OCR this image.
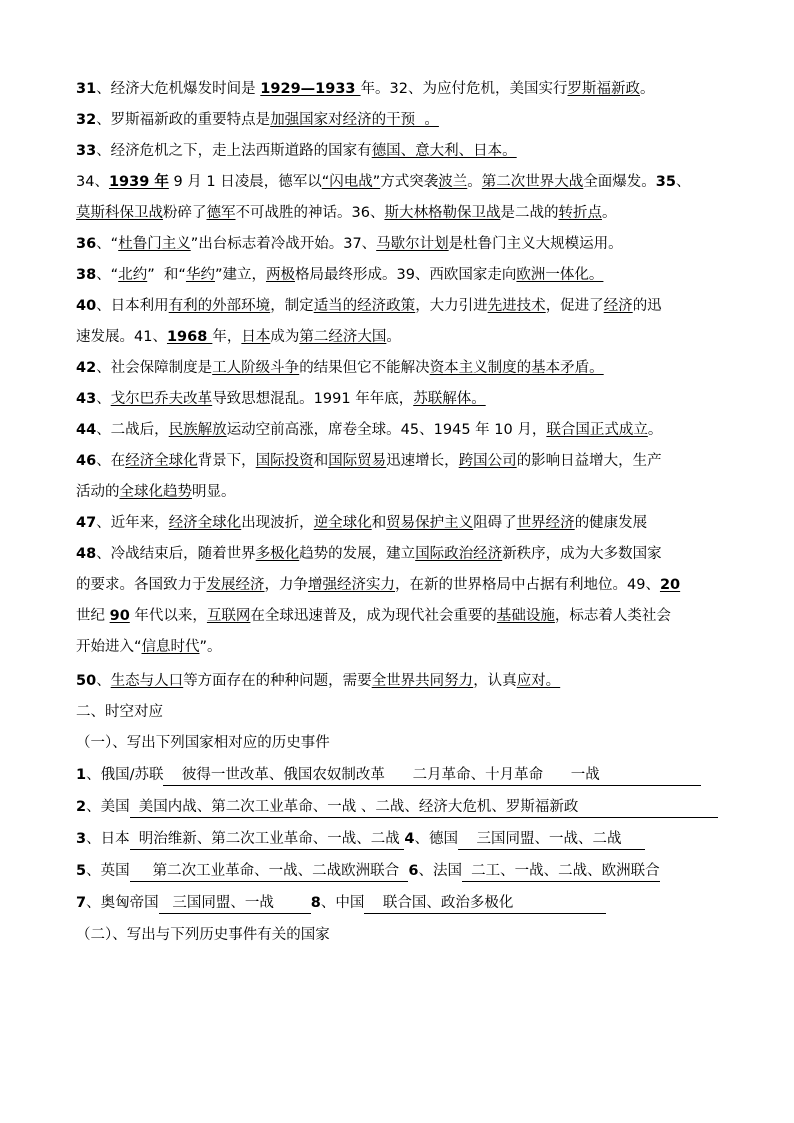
31、经济大危机爆发时间是 1929—1933 年。32、为应付危机，美国实行罗斯福新政。
32、罗斯福新政的重要特点是加强国家对经济的干预  。
33、经济危机之下，走上法西斯道路的国家有德国、意大利、日本。
34、1939 年 9 月 1 日凌晨，德军以“闪电战”方式突袭波兰。第二次世界大战全面爆发。35、
莫斯科保卫战粉碎了德军不可战胜的神话。36、斯大林格勒保卫战是二战的转折点。
36、“杜鲁门主义”出台标志着冷战开始。37、马歇尔计划是杜鲁门主义大规模运用。
38、“北约”  和“华约”建立，两极格局最终形成。39、西欧国家走向欧洲一体化。
40、日本利用有利的外部环境，制定适当的经济政策，大力引进先进技术，促进了经济的迅
速发展。41、1968 年，日本成为第二经济大国。
42、社会保障制度是工人阶级斗争的结果但它不能解决资本主义制度的基本矛盾。
43、戈尔巴乔夫改革导致思想混乱。1991 年年底，苏联解体。
44、二战后，民族解放运动空前高涨，席卷全球。45、1945 年 10 月，联合国正式成立。
46、在经济全球化背景下，国际投资和国际贸易迅速增长，跨国公司的影响日益增大，生产
活动的全球化趋势明显。
47、近年来，经济全球化出现波折，逆全球化和贸易保护主义阻碍了世界经济的健康发展
48、冷战结束后，随着世界多极化趋势的发展，建立国际政治经济新秩序，成为大多数国家
的要求。各国致力于发展经济，力争增强经济实力，在新的世界格局中占据有利地位。49、20
世纪 90 年代以来，互联网在全球迅速普及，成为现代社会重要的基础设施，标志着人类社会
开始进入“信息时代”。
50、生态与人口等方面存在的种种问题，需要全世界共同努力，认真应对。
二、时空对应
（一）、写出下列国家相对应的历史事件
1、俄国/苏联    彼得一世改革、俄国农奴制改革      二月革命、十月革命      一战
2、美国  美国内战、第二次工业革命、一战 、二战、经济大危机、罗斯福新政
3、日本  明治维新、第二次工业革命、一战、二战 4、德国    三国同盟、一战、二战
5、英国     第二次工业革命、一战、二战欧洲联合  6、法国  二工、一战、二战、欧洲联合
7、奥匈帝国   三国同盟、一战        8、中国    联合国、政治多极化
（二）、写出与下列历史事件有关的国家
